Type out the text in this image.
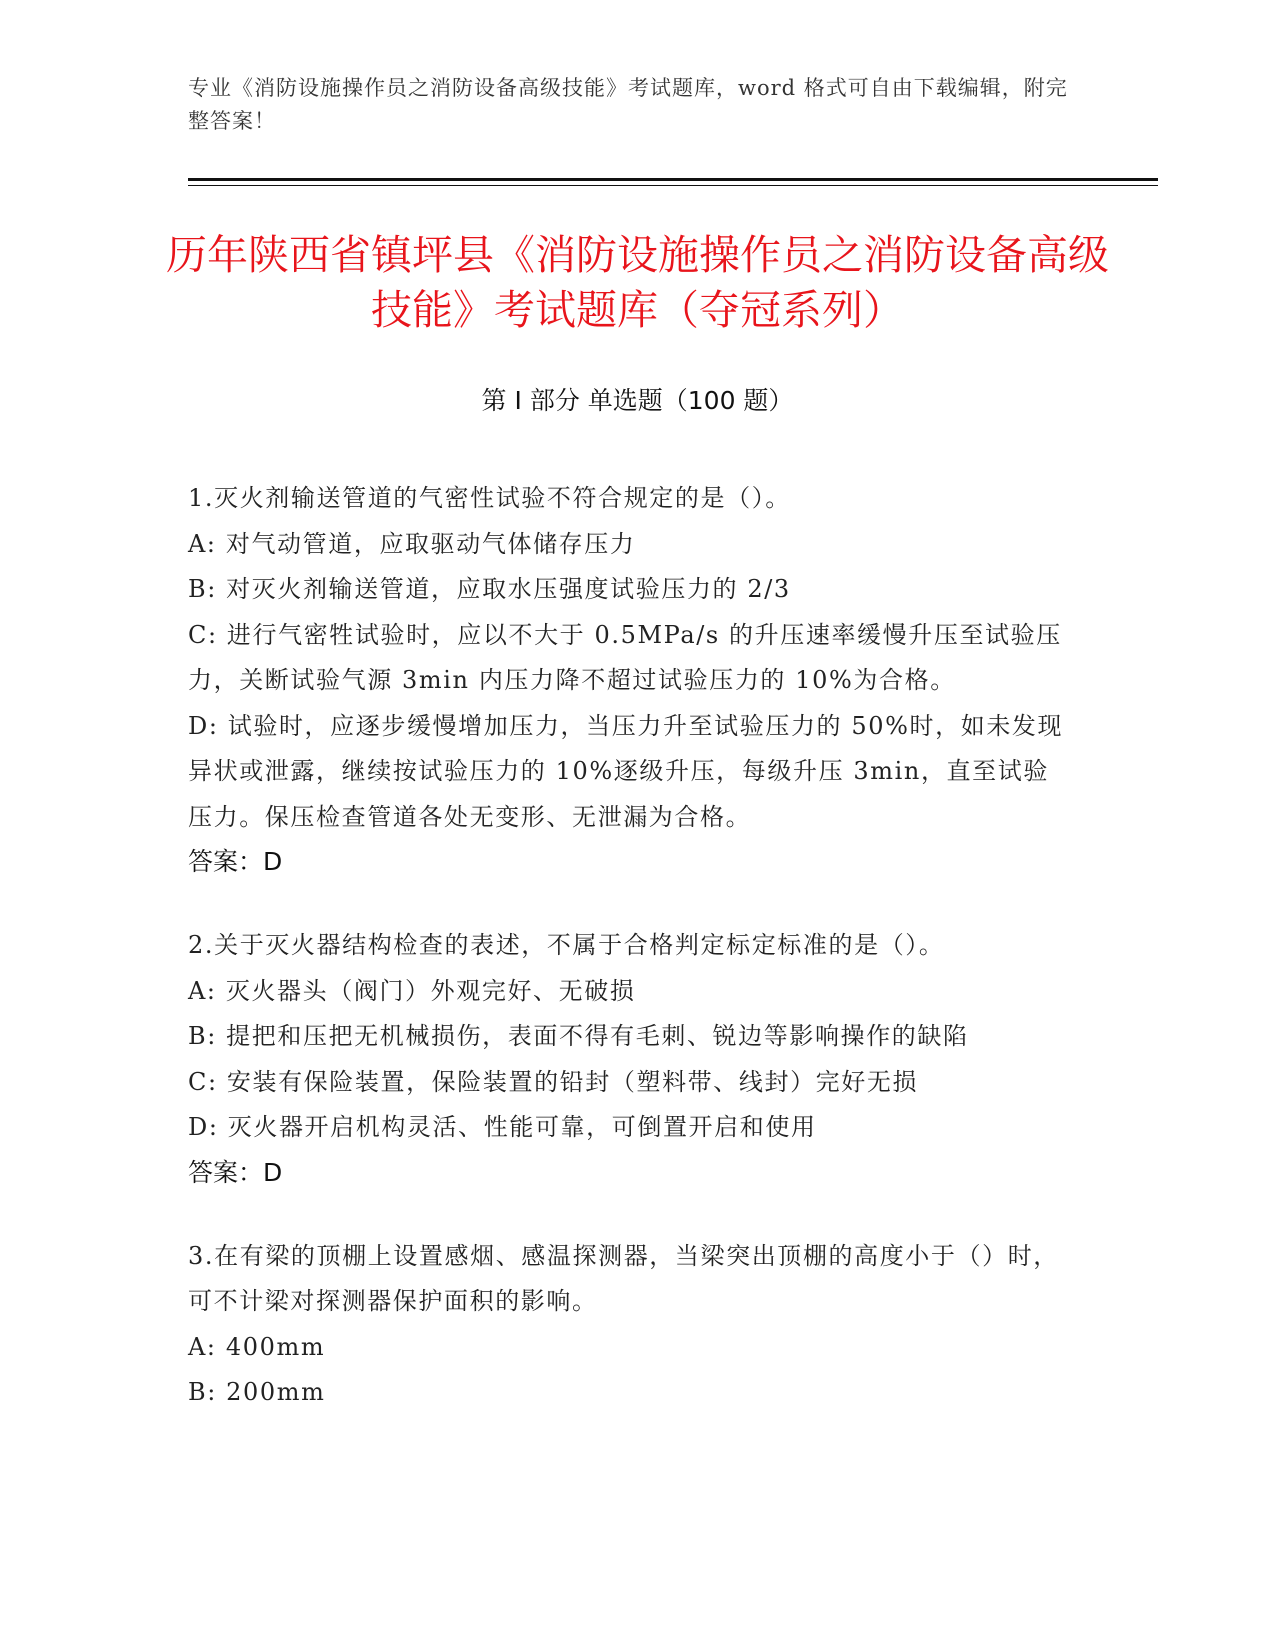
专业《消防设施操作员之消防设备高级技能》考试题库，word 格式可自由下载编辑，附完整答案！
历年陕西省镇坪县《消防设施操作员之消防设备高级技能》考试题库（夺冠系列）
第 I 部分 单选题（100 题）
1.灭火剂输送管道的气密性试验不符合规定的是（）。
A: 对气动管道，应取驱动气体储存压力
B: 对灭火剂输送管道，应取水压强度试验压力的 2/3
C: 进行气密牲试验时，应以不大于 0.5MPa/s 的升压速率缓慢升压至试验压力，关断试验气源 3min 内压力降不超过试验压力的 10%为合格。
D: 试验时，应逐步缓慢增加压力，当压力升至试验压力的 50%时，如未发现异状或泄露，继续按试验压力的 10%逐级升压，每级升压 3min，直至试验压力。保压检查管道各处无变形、无泄漏为合格。
答案：D
2.关于灭火器结构检查的表述，不属于合格判定标定标准的是（）。
A: 灭火器头（阀门）外观完好、无破损
B: 提把和压把无机械损伤，表面不得有毛刺、锐边等影响操作的缺陷
C: 安装有保险装置，保险装置的铅封（塑料带、线封）完好无损
D: 灭火器开启机构灵活、性能可靠，可倒置开启和使用
答案：D
3.在有梁的顶棚上设置感烟、感温探测器，当梁突出顶棚的高度小于（）时，可不计梁对探测器保护面积的影响。
A: 400mm
B: 200mm
